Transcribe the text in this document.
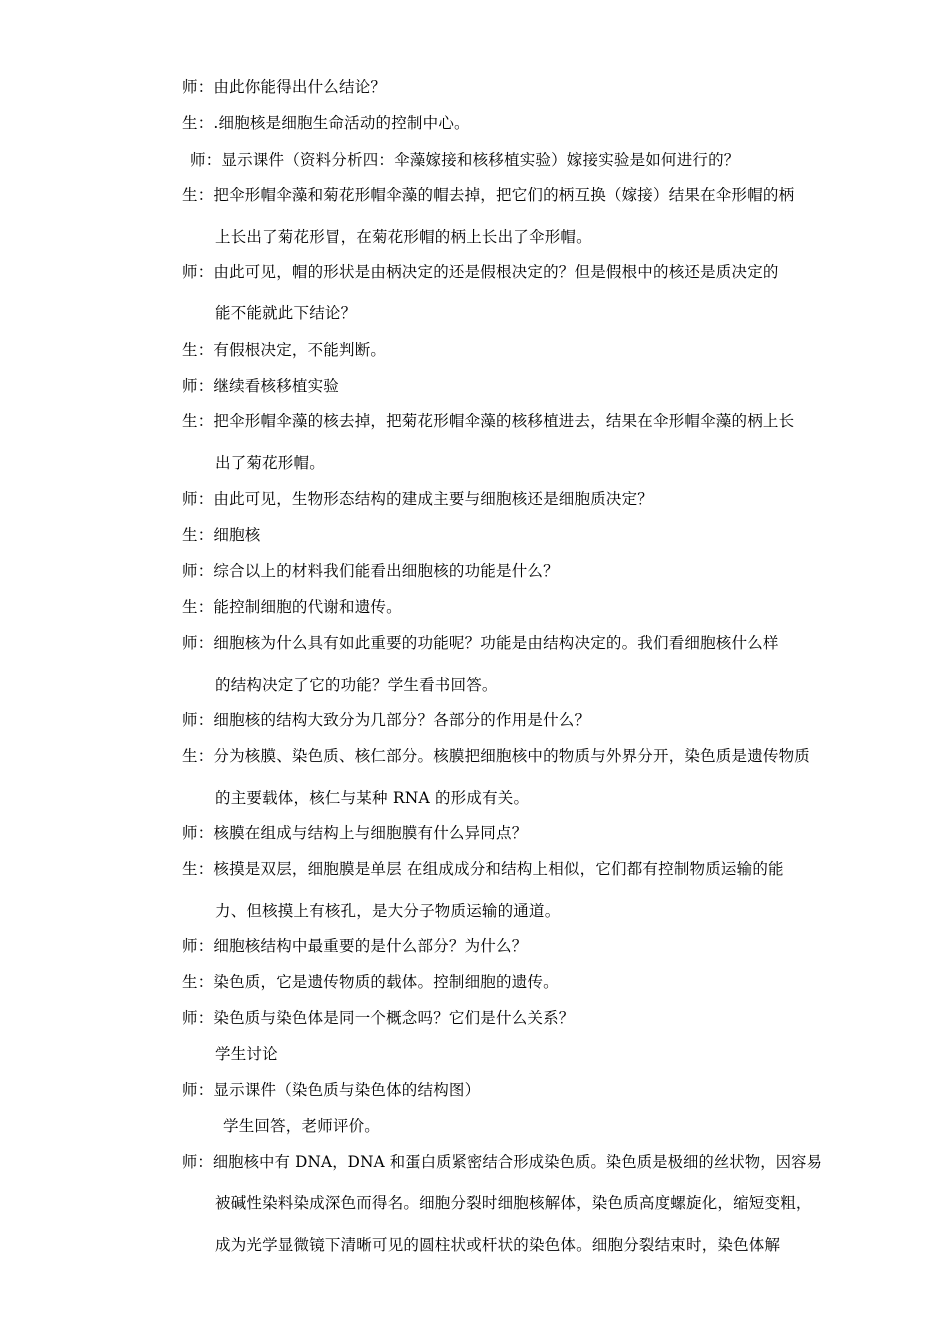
师：由此你能得出什么结论？
生：.细胞核是细胞生命活动的控制中心。
师：显示课件（资料分析四：伞藻嫁接和核移植实验）嫁接实验是如何进行的？
生：把伞形帽伞藻和菊花形帽伞藻的帽去掉，把它们的柄互换（嫁接）结果在伞形帽的柄
上长出了菊花形冒，在菊花形帽的柄上长出了伞形帽。
师：由此可见，帽的形状是由柄决定的还是假根决定的？但是假根中的核还是质决定的
能不能就此下结论？
生：有假根决定，不能判断。
师：继续看核移植实验
生：把伞形帽伞藻的核去掉，把菊花形帽伞藻的核移植进去，结果在伞形帽伞藻的柄上长
出了菊花形帽。
师：由此可见，生物形态结构的建成主要与细胞核还是细胞质决定？
生：细胞核
师：综合以上的材料我们能看出细胞核的功能是什么？
生：能控制细胞的代谢和遗传。
师：细胞核为什么具有如此重要的功能呢？功能是由结构决定的。我们看细胞核什么样
的结构决定了它的功能？学生看书回答。
师：细胞核的结构大致分为几部分？各部分的作用是什么？
生：分为核膜、染色质、核仁部分。核膜把细胞核中的物质与外界分开，染色质是遗传物质
的主要载体，核仁与某种 RNA 的形成有关。
师：核膜在组成与结构上与细胞膜有什么异同点？
生：核摸是双层，细胞膜是单层 在组成成分和结构上相似，它们都有控制物质运输的能
力、但核摸上有核孔，是大分子物质运输的通道。
师：细胞核结构中最重要的是什么部分？为什么？
生：染色质，它是遗传物质的载体。控制细胞的遗传。
师：染色质与染色体是同一个概念吗？它们是什么关系？
学生讨论
师：显示课件（染色质与染色体的结构图）
学生回答，老师评价。
师：细胞核中有 DNA，DNA 和蛋白质紧密结合形成染色质。染色质是极细的丝状物，因容易
被碱性染料染成深色而得名。细胞分裂时细胞核解体，染色质高度螺旋化，缩短变粗，
成为光学显微镜下清晰可见的圆柱状或杆状的染色体。细胞分裂结束时，染色体解
